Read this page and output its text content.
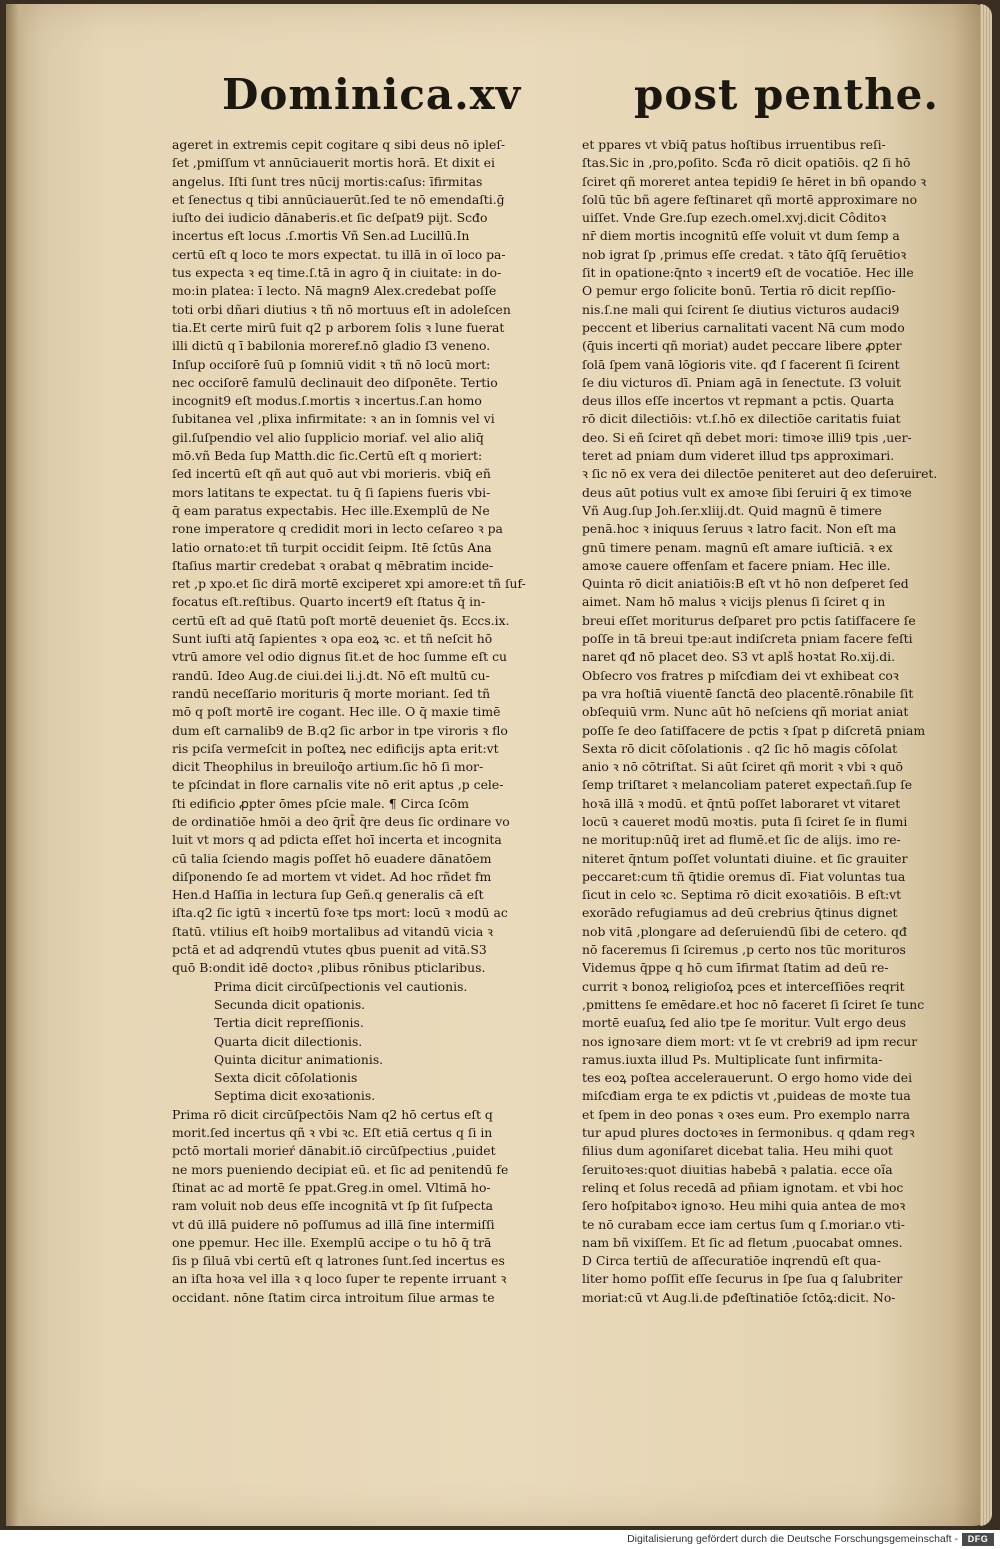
Dominica.xv	post penthe.
ageret in extremis cepit cogitare q sibi deus nō ipleſ-
ſet ,pmiſſum vt annūciauerit mortis horā. Et dixit ei
angelus. Iſti ſunt tres nūcij mortis:caſus: īfirmitas
et ſenectus q tibi annūciauerūt.ſed te nō emendaſti.ḡ
iuſto dei iudicio dānaberis.et ſic deſpat9 pijt. Scđo
incertus eſt locus .ſ.mortis Vñ Sen.ad Lucillū.In
certū eſt q loco te mors expectat. tu illā in oī loco pa-
tus expecta ꝛ eq time.ſ.tā in agro q̄ in ciuitate: in do-
mo:in platea: ī lecto. Nā magn9 Alex.credebat poſſe
toti orbi dñari diutius ꝛ tñ nō mortuus eſt in adoleſcen
tia.Et certe mirū fuit q2 p arborem ſolis ꝛ lune fuerat
illi dictū q ī babilonia moreref.nō gladio ſ3 veneno.
Inſup occiſorē ſuū p ſomniū vidit ꝛ tñ nō locū mort:
nec occiſorē famulū declinauit deo diſponēte. Tertio
incognit9 eſt modus.ſ.mortis ꝛ incertus.ſ.an homo
ſubitanea vel ,plixa infirmitate: ꝛ an in ſomnis vel vi
gil.ſuſpendio vel alio ſupplicio moriaf. vel alio aliq̄
mō.vñ Beda ſup Matth.dic ſic.Certū eſt q moriert:
ſed incertū eſt qñ aut quō aut vbi morieris. vbiq̄ eñ
mors latitans te expectat. tu q̄ ſi ſapiens fueris vbi-
q̄ eam paratus expectabis. Hec ille.Exemplū de Ne
rone imperatore q credidit mori in lecto ceſareo ꝛ pa
latio ornato:et tñ turpit occidit ſeipm. Itē ſctūs Ana
ſtaſius martir credebat ꝛ orabat q mēbratim incide-
ret ,p xpo.et ſic dirā mortē exciperet xpi amore:et tñ ſuf-
focatus eſt.reſtibus. Quarto incert9 eſt ſtatus q̄ in-
certū eſt ad quē ſtatū poſt mortē deueniet q̄s. Eccs.ix.
Sunt iuſti atq̄ ſapientes ꝛ opa eoꝝ ꝛc. et tñ neſcit hō
vtrū amore vel odio dignus ſit.et de hoc ſumme eſt cu
randū. Ideo Aug.de ciui.dei li.j.dt. Nō eſt multū cu-
randū neceſſario morituris q̄ morte moriant. ſed tñ
mō q poſt mortē ire cogant. Hec ille. O q̄ maxie timē
dum eſt carnalib9 de B.q2 ſic arbor in tpe viroris ꝛ flo
ris pciſa vermeſcit in poſteꝝ nec edificijs apta erit:vt
dicit Theophilus in breuiloq̄o artium.ſic hō ſi mor-
te pſcindat in flore carnalis vite nō erit aptus ,p cele-
ſti edificio ꝓpter ōmes pſcie male. ¶ Circa ſcōm
de ordinatiōe hmōi a deo q̄rit̄ q̄re deus ſic ordinare vo
luit vt mors q ad pdicta eſſet hoī incerta et incognita
cū talia ſciendo magis poſſet hō euadere dānatōem
diſponendo ſe ad mortem vt videt. Ad hoc rñdet fm
Hen.d Haſſia in lectura ſup Geñ.q generalis cā eſt
iſta.q2 ſic igtū ꝛ incertū foꝛe tps mort: locū ꝛ modū ac
ſtatū. vtilius eſt hoib9 mortalibus ad vitandū vicia ꝛ
pctā et ad adqrendū vtutes qbus puenit ad vitā.S3
quō B:ondit idē doctoꝛ ,plibus rōnibus pticlaribus.
Prima dicit circūſpectionis vel cautionis.
Secunda dicit opationis.
Tertia dicit repreſſionis.
Quarta dicit dilectionis.
Quinta dicitur animationis.
Sexta dicit cōſolationis
Septima dicit exoꝛationis.
Prima rō dicit circūſpectōis Nam q2 hō certus eſt q
morit.ſed incertus qñ ꝛ vbi ꝛc. Eſt etiā certus q ſi in
pctō mortali morieŕ dānabit.iō circūſpectius ,puidet
ne mors pueniendo decipiat eū. et ſic ad penitendū fe
ſtinat ac ad mortē ſe ppat.Greg.in omel. Vltimā ho-
ram voluit nob deus eſſe incognitā vt ſp ſit ſuſpecta
vt dū illā puidere nō poſſumus ad illā ſine intermiſſi
one ppemur. Hec ille. Exemplū accipe o tu hō q̄ trā
ſis p ſiluā vbi certū eſt q latrones ſunt.ſed incertus es
an iſta hoꝛa vel illa ꝛ q loco ſuper te repente irruant ꝛ
occidant. nōne ſtatim circa introitum ſilue armas te
et ppares vt vbiq̄ patus hoſtibus irruentibus reſi-
ſtas.Sic in ,pro,poſito. Scđa rō dicit opatiōis. q2 ſi hō
ſciret qñ moreret antea tepidi9 ſe hēret in bñ opando ꝛ
ſolū tūc bñ agere feſtinaret qñ mortē approximare no
uiſſet. Vnde Gre.ſup ezech.omel.xvj.dicit Côditoꝛ
nr̄ diem mortis incognitū eſſe voluit vt dum ſemp a
nob igrat ſp ,primus eſſe credat. ꝛ tāto q̄ſq̄ ſeruētioꝛ
ſit in opatione:q̄nto ꝛ incert9 eſt de vocatiōe. Hec ille
O pemur ergo ſolicite bonū. Tertia rō dicit repſſio-
nis.ſ.ne mali qui ſcirent ſe diutius victuros audaci9
peccent et liberius carnalitati vacent Nā cum modo
(q̄uis incerti qñ moriat) audet peccare libere ꝓpter
ſolā ſpem vanā lōgioris vite. qđ ſ facerent ſi ſcirent
ſe diu victuros dī. Pniam agā in ſenectute. ſ3 voluit
deus illos eſſe incertos vt repmant a pctis. Quarta
rō dicit dilectiōis: vt.ſ.hō ex dilectiōe caritatis fuiat
deo. Si eñ ſciret qñ debet mori: timoꝛe illi9 tpis ,uer-
teret ad pniam dum videret illud tps approximari.
ꝛ ſic nō ex vera dei dilectōe peniteret aut deo deſeruiret.
deus aūt potius vult ex amoꝛe ſibi ſeruiri q̄ ex timoꝛe
Vñ Aug.ſup Joh.ſer.xliij.dt. Quid magnū ē timere
penā.hoc ꝛ iniquus ſeruus ꝛ latro facit. Non eſt ma
gnū timere penam. magnū eſt amare iuſticiā. ꝛ ex
amoꝛe cauere offenſam et facere pniam. Hec ille.
Quinta rō dicit aniatiōis:B eſt vt hō non deſperet ſed
aimet. Nam hō malus ꝛ vicijs plenus ſi ſciret q in
breui eſſet moriturus deſparet pro pctis ſatiſfacere ſe
poſſe in tā breui tpe:aut indiſcreta pniam facere feſti
naret qđ nō placet deo. S3 vt aplš hoꝛtat Ro.xij.di.
Obſecro vos fratres p miſcđiam dei vt exhibeat coꝛ
pa vra hoſtiā viuentē ſanctā deo placentē.rōnabile ſit
obſequiū vrm. Nunc aūt hō neſciens qñ moriat aniat
poſſe ſe deo ſatiſfacere de pctis ꝛ ſpat p diſcretā pniam
Sexta rō dicit cōſolationis . q2 ſic hō magis cōſolat
anio ꝛ nō cōtriſtat. Si aūt ſciret qñ morit ꝛ vbi ꝛ quō
ſemp triſtaret ꝛ melancoliam pateret expectañ.ſup ſe
hoꝛā illā ꝛ modū. et q̄ntū poſſet laboraret vt vitaret
locū ꝛ caueret modū moꝛtis. puta ſi ſciret ſe in flumi
ne moritup:nūq̄ iret ad flumē.et ſic de alijs. imo re-
niteret q̄ntum poſſet voluntati diuine. et ſic grauiter
peccaret:cum tñ q̄tidie oremus dī. Fiat voluntas tua
ſicut in celo ꝛc. Septima rō dicit exoꝛatiōis. B eſt:vt
exorādo refugiamus ad deū crebrius q̄tinus dignet
nob vitā ,plongare ad deſeruiendū ſibi de cetero. qđ
nō faceremus ſi ſciremus ,p certo nos tūc morituros
Videmus q̄ppe q hō cum īfirmat ſtatim ad deū re-
currit ꝛ bonoꝝ religioſoꝝ pces et interceſſiōes reqrit
,pmittens ſe emēdare.et hoc nō faceret ſi ſciret ſe tunc
mortē euaſuꝝ ſed alio tpe ſe moritur. Vult ergo deus
nos ignoꝛare diem mort: vt ſe vt crebri9 ad ipm recur
ramus.iuxta illud Ps. Multiplicate ſunt infirmita-
tes eoꝝ poſtea accelerauerunt. O ergo homo vide dei
miſcđiam erga te ex pdictis vt ,puideas de moꝛte tua
et ſpem in deo ponas ꝛ oꝛes eum. Pro exemplo narra
tur apud plures doctoꝛes in ſermonibus. q qdam regꝛ
filius dum agoniſaret dicebat talia. Heu mihi quot
ſeruitoꝛes:quot diuitias habebā ꝛ palatia. ecce oĩa
relinq et ſolus recedā ad pñiam ignotam. et vbi hoc
ſero hoſpitaboꝛ ignoꝛo. Heu mihi quia antea de moꝛ
te nō curabam ecce iam certus ſum q ſ.moriar.o vti-
nam bñ vixiſſem. Et ſic ad fletum ,puocabat omnes.
D Circa tertiū de aſſecuratiōe inqrendū eſt qua-
liter homo poſſit eſſe ſecurus in ſpe ſua q ſalubriter
moriat:cū vt Aug.li.de pđeſtinatiōe ſctōꝝ:dicit. No-
Digitalisierung gefördert durch die Deutsche Forschungsgemeinschaft -	DFG
